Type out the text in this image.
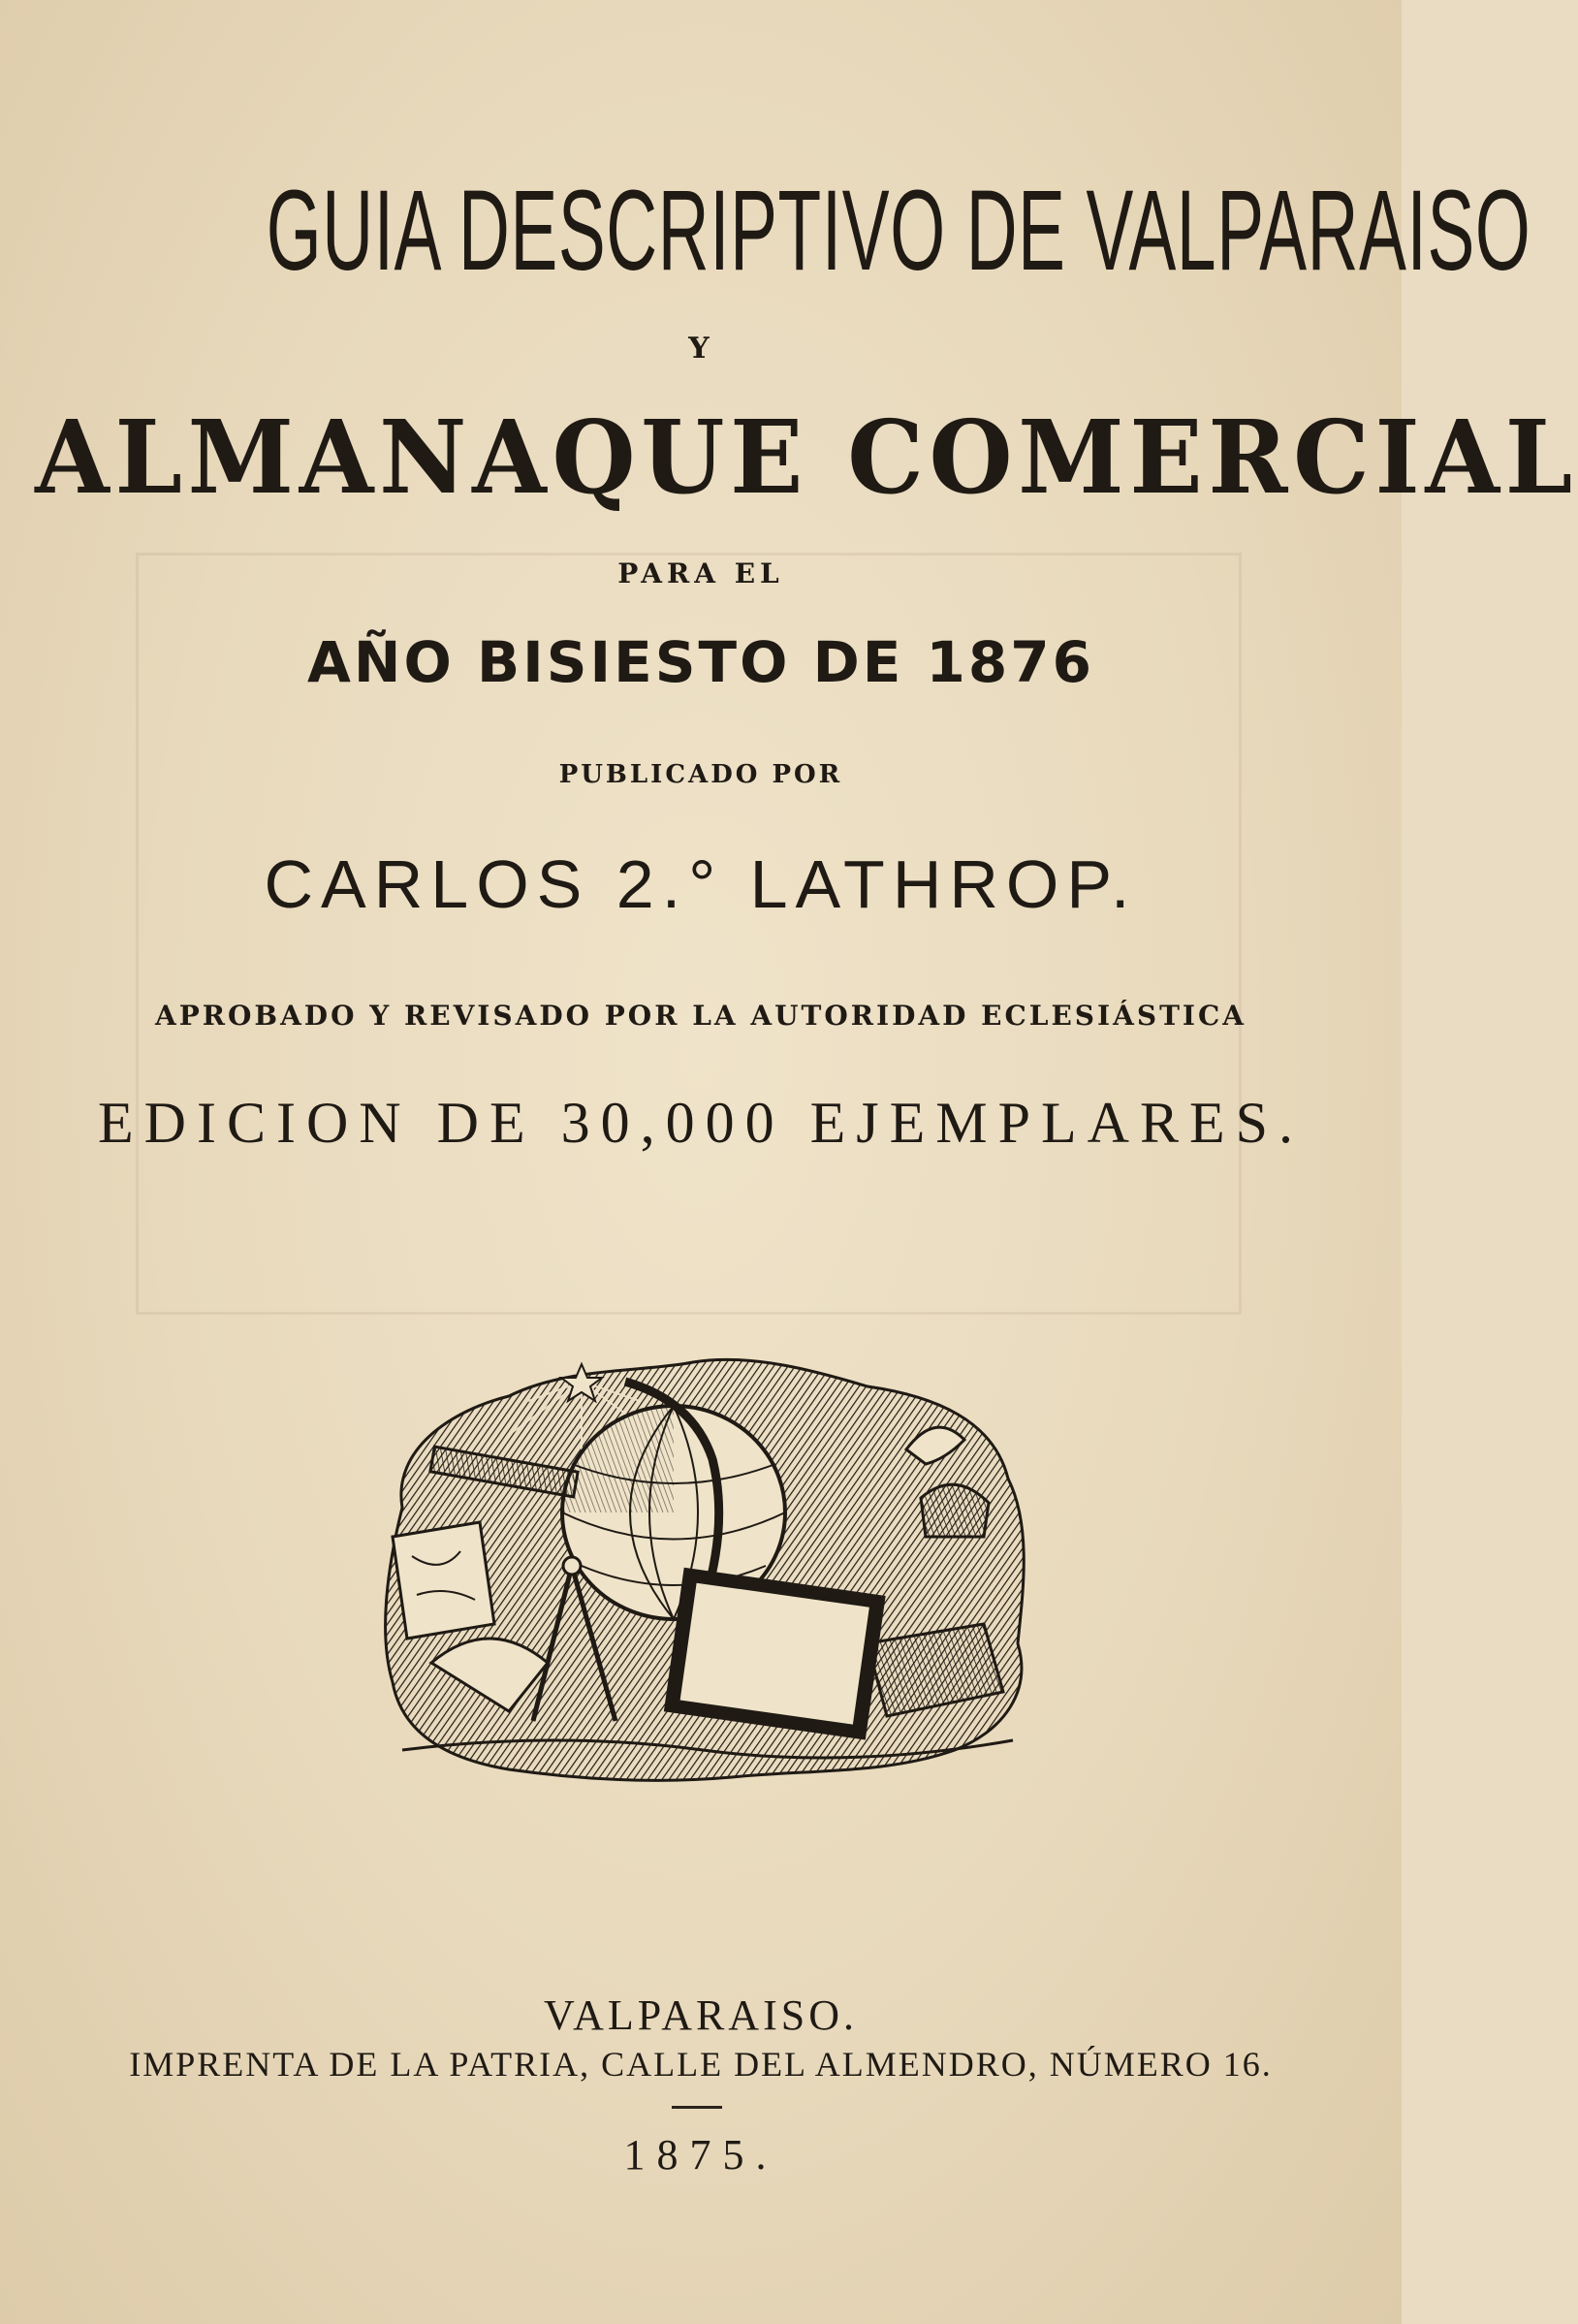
GUIA DESCRIPTIVO DE VALPARAISO
Y
ALMANAQUE COMERCIAL
PARA EL
AÑO BISIESTO DE 1876
PUBLICADO POR
CARLOS 2.° LATHROP.
APROBADO Y REVISADO POR LA AUTORIDAD ECLESIÁSTICA
EDICION DE 30,000 EJEMPLARES.
VALPARAISO.
IMPRENTA DE LA PATRIA, CALLE DEL ALMENDRO, NÚMERO 16.
1875.
